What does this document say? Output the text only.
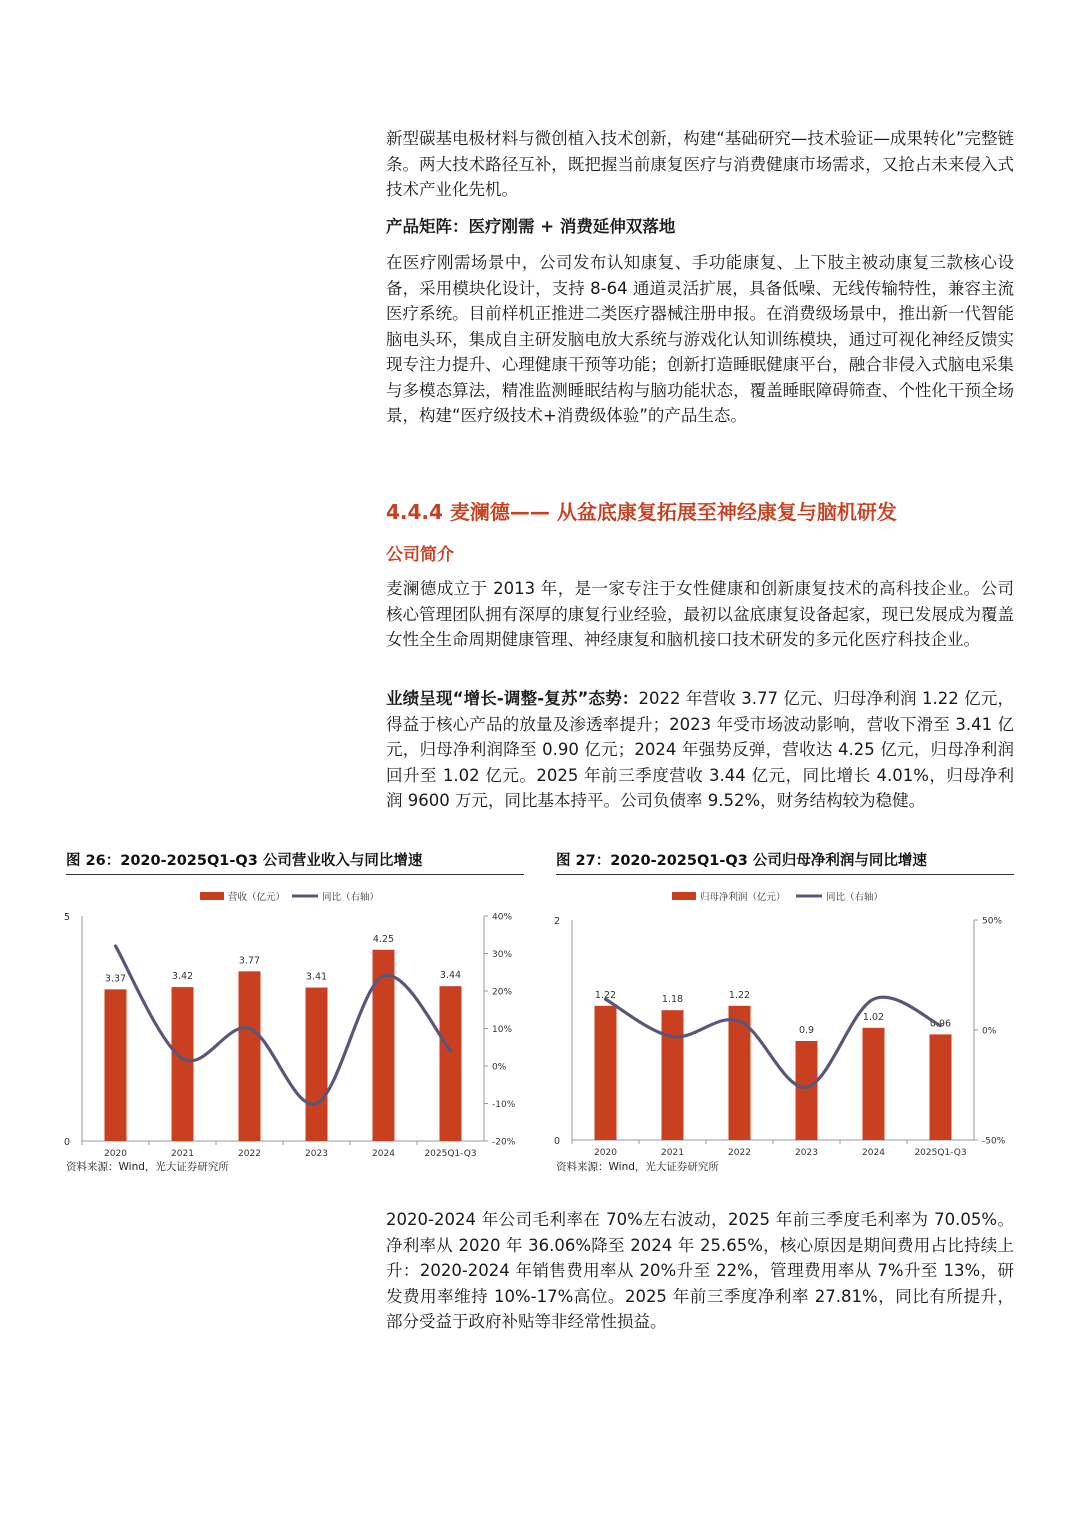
新型碳基电极材料与微创植入技术创新，构建“基础研究—技术验证—成果转化”完整链条。两大技术路径互补，既把握当前康复医疗与消费健康市场需求，又抢占未来侵入式技术产业化先机。

产品矩阵：医疗刚需 + 消费延伸双落地

在医疗刚需场景中，公司发布认知康复、手功能康复、上下肢主被动康复三款核心设备，采用模块化设计，支持 8-64 通道灵活扩展，具备低噪、无线传输特性，兼容主流医疗系统。目前样机正推进二类医疗器械注册申报。在消费级场景中，推出新一代智能脑电头环，集成自主研发脑电放大系统与游戏化认知训练模块，通过可视化神经反馈实现专注力提升、心理健康干预等功能；创新打造睡眠健康平台，融合非侵入式脑电采集与多模态算法，精准监测睡眠结构与脑功能状态，覆盖睡眠障碍筛查、个性化干预全场景，构建“医疗级技术+消费级体验”的产品生态。

4.4.4 麦澜德—— 从盆底康复拓展至神经康复与脑机研发
公司简介

麦澜德成立于 2013 年，是一家专注于女性健康和创新康复技术的高科技企业。公司核心管理团队拥有深厚的康复行业经验，最初以盆底康复设备起家，现已发展成为覆盖女性全生命周期健康管理、神经康复和脑机接口技术研发的多元化医疗科技企业。

业绩呈现“增长-调整-复苏”态势：2022 年营收 3.77 亿元、归母净利润 1.22 亿元，得益于核心产品的放量及渗透率提升；2023 年受市场波动影响，营收下滑至 3.41 亿元，归母净利润降至 0.90 亿元；2024 年强势反弹，营收达 4.25 亿元，归母净利润回升至 1.02 亿元。2025 年前三季度营收 3.44 亿元，同比增长 4.01%，归母净利润 9600 万元，同比基本持平。公司负债率 9.52%，财务结构较为稳健。

图 26：2020-2025Q1-Q3 公司营业收入与同比增速
营收（亿元）	同比（右轴）
5
0
40%
30%
20%
10%
0%
-10%
-20%
2020	2021	2022	2023	2024	2025Q1-Q3
3.37	3.42
3.77
3.41
4.25
3.44
资料来源：Wind，光大证券研究所
图 27：2020-2025Q1-Q3 公司归母净利润与同比增速
归母净利润（亿元）	同比（右轴）
2
0
50%
0%
-50%
2020	2021	2022	2023	2024	2025Q1-Q3
1.22	1.18	1.22
0.9
1.02
0.96
资料来源：Wind，光大证券研究所

2020-2024 年公司毛利率在 70%左右波动，2025 年前三季度毛利率为 70.05%。净利率从 2020 年 36.06%降至 2024 年 25.65%，核心原因是期间费用占比持续上升：2020-2024 年销售费用率从 20%升至 22%，管理费用率从 7%升至 13%，研发费用率维持 10%-17%高位。2025 年前三季度净利率 27.81%，同比有所提升，部分受益于政府补贴等非经常性损益。
